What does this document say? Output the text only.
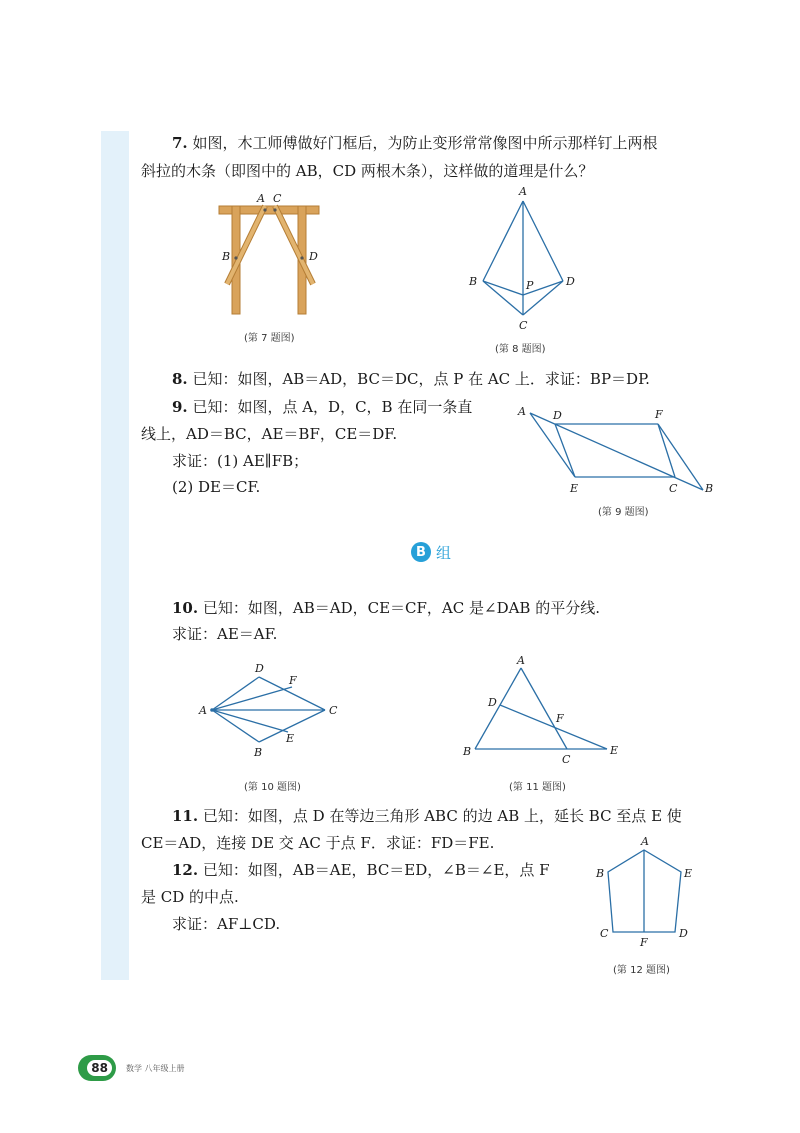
7. 如图，木工师傅做好门框后，为防止变形常常像图中所示那样钉上两根
斜拉的木条（即图中的 AB，CD 两根木条），这样做的道理是什么？
A C
B	D
(第 7 题图)
A
B	P	D
C
(第 8 题图)
8. 已知：如图，AB＝AD，BC＝DC，点 P 在 AC 上．求证：BP＝DP.
9. 已知：如图，点 A，D，C，B 在同一条直
线上，AD＝BC，AE＝BF，CE＝DF.
求证：(1) AE∥FB；
(2) DE＝CF.
A D	F
E	C	B
(第 9 题图)
B 组
10. 已知：如图，AB＝AD，CE＝CF，AC 是∠DAB 的平分线.
求证：AE＝AF.
A
D
F
C
E
B
(第 10 题图)
A
D
F
B
C
E
(第 11 题图)
11. 已知：如图，点 D 在等边三角形 ABC 的边 AB 上，延长 BC 至点 E 使
CE＝AD，连接 DE 交 AC 于点 F．求证：FD＝FE.
12. 已知：如图，AB＝AE，BC＝ED，∠B＝∠E，点 F
是 CD 的中点.
求证：AF⊥CD.
A
B	E
C
F
D
(第 12 题图)
88	数学 八年级上册
